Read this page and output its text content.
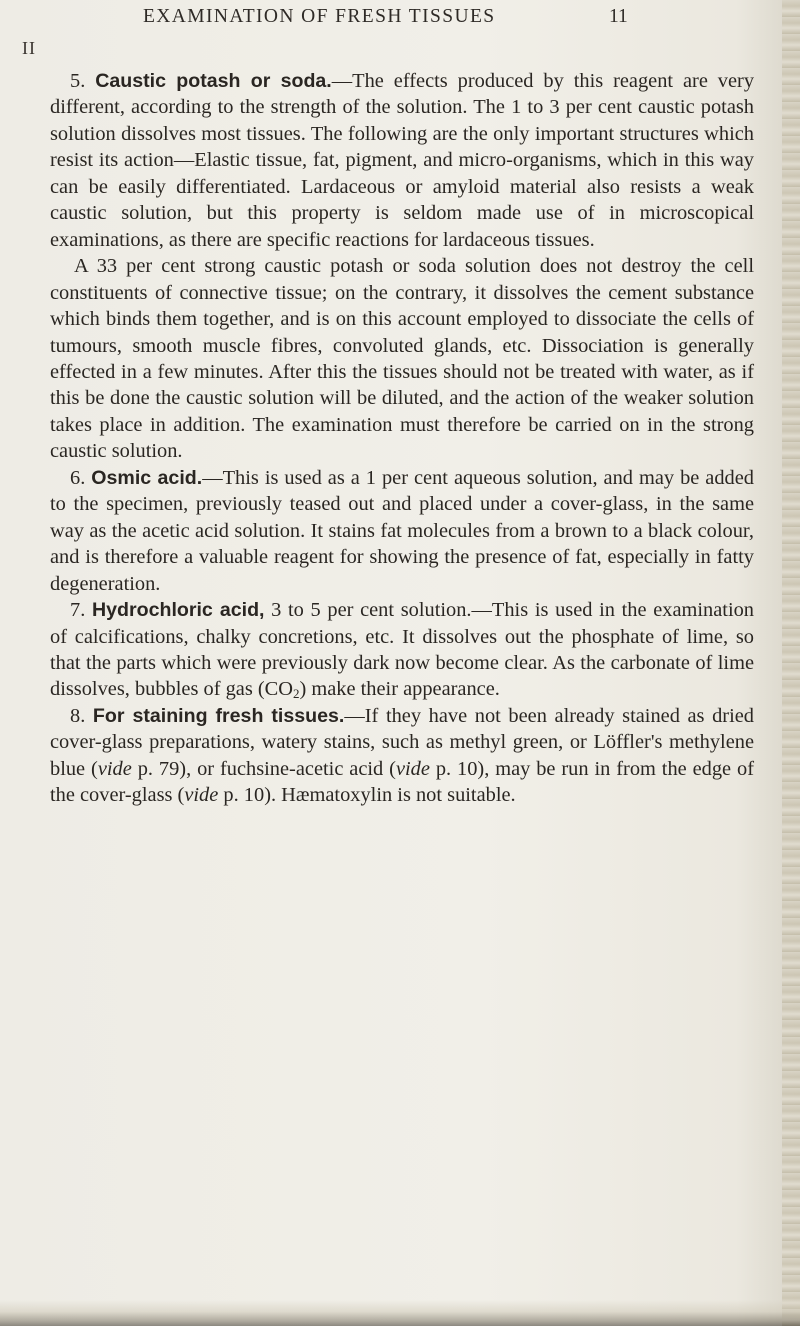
II
EXAMINATION OF FRESH TISSUES	11

5. Caustic potash or soda.—The effects produced by this reagent are very different, according to the strength of the solution. The 1 to 3 per cent caustic potash solution dissolves most tissues. The following are the only important structures which resist its action—Elastic tissue, fat, pigment, and micro-organisms, which in this way can be easily differentiated. Lardaceous or amyloid material also resists a weak caustic solution, but this property is seldom made use of in microscopical examinations, as there are specific reactions for lardaceous tissues.

A 33 per cent strong caustic potash or soda solution does not destroy the cell constituents of connective tissue; on the contrary, it dissolves the cement substance which binds them together, and is on this account employed to dissociate the cells of tumours, smooth muscle fibres, convoluted glands, etc. Dissociation is generally effected in a few minutes. After this the tissues should not be treated with water, as if this be done the caustic solution will be diluted, and the action of the weaker solution takes place in addition. The examination must therefore be carried on in the strong caustic solution.

6. Osmic acid.—This is used as a 1 per cent aqueous solution, and may be added to the specimen, previously teased out and placed under a cover-glass, in the same way as the acetic acid solution. It stains fat molecules from a brown to a black colour, and is therefore a valuable reagent for showing the presence of fat, especially in fatty degeneration.

7. Hydrochloric acid, 3 to 5 per cent solution.—This is used in the examination of calcifications, chalky concretions, etc. It dissolves out the phosphate of lime, so that the parts which were previously dark now become clear. As the carbonate of lime dissolves, bubbles of gas $(CO_2)$ make their appearance.

8. For staining fresh tissues.—If they have not been already stained as dried cover-glass preparations, watery stains, such as methyl green, or Löffler's methylene blue (vide p. 79), or fuchsine-acetic acid (vide p. 10), may be run in from the edge of the cover-glass (vide p. 10). Hæmatoxylin is not suitable.
